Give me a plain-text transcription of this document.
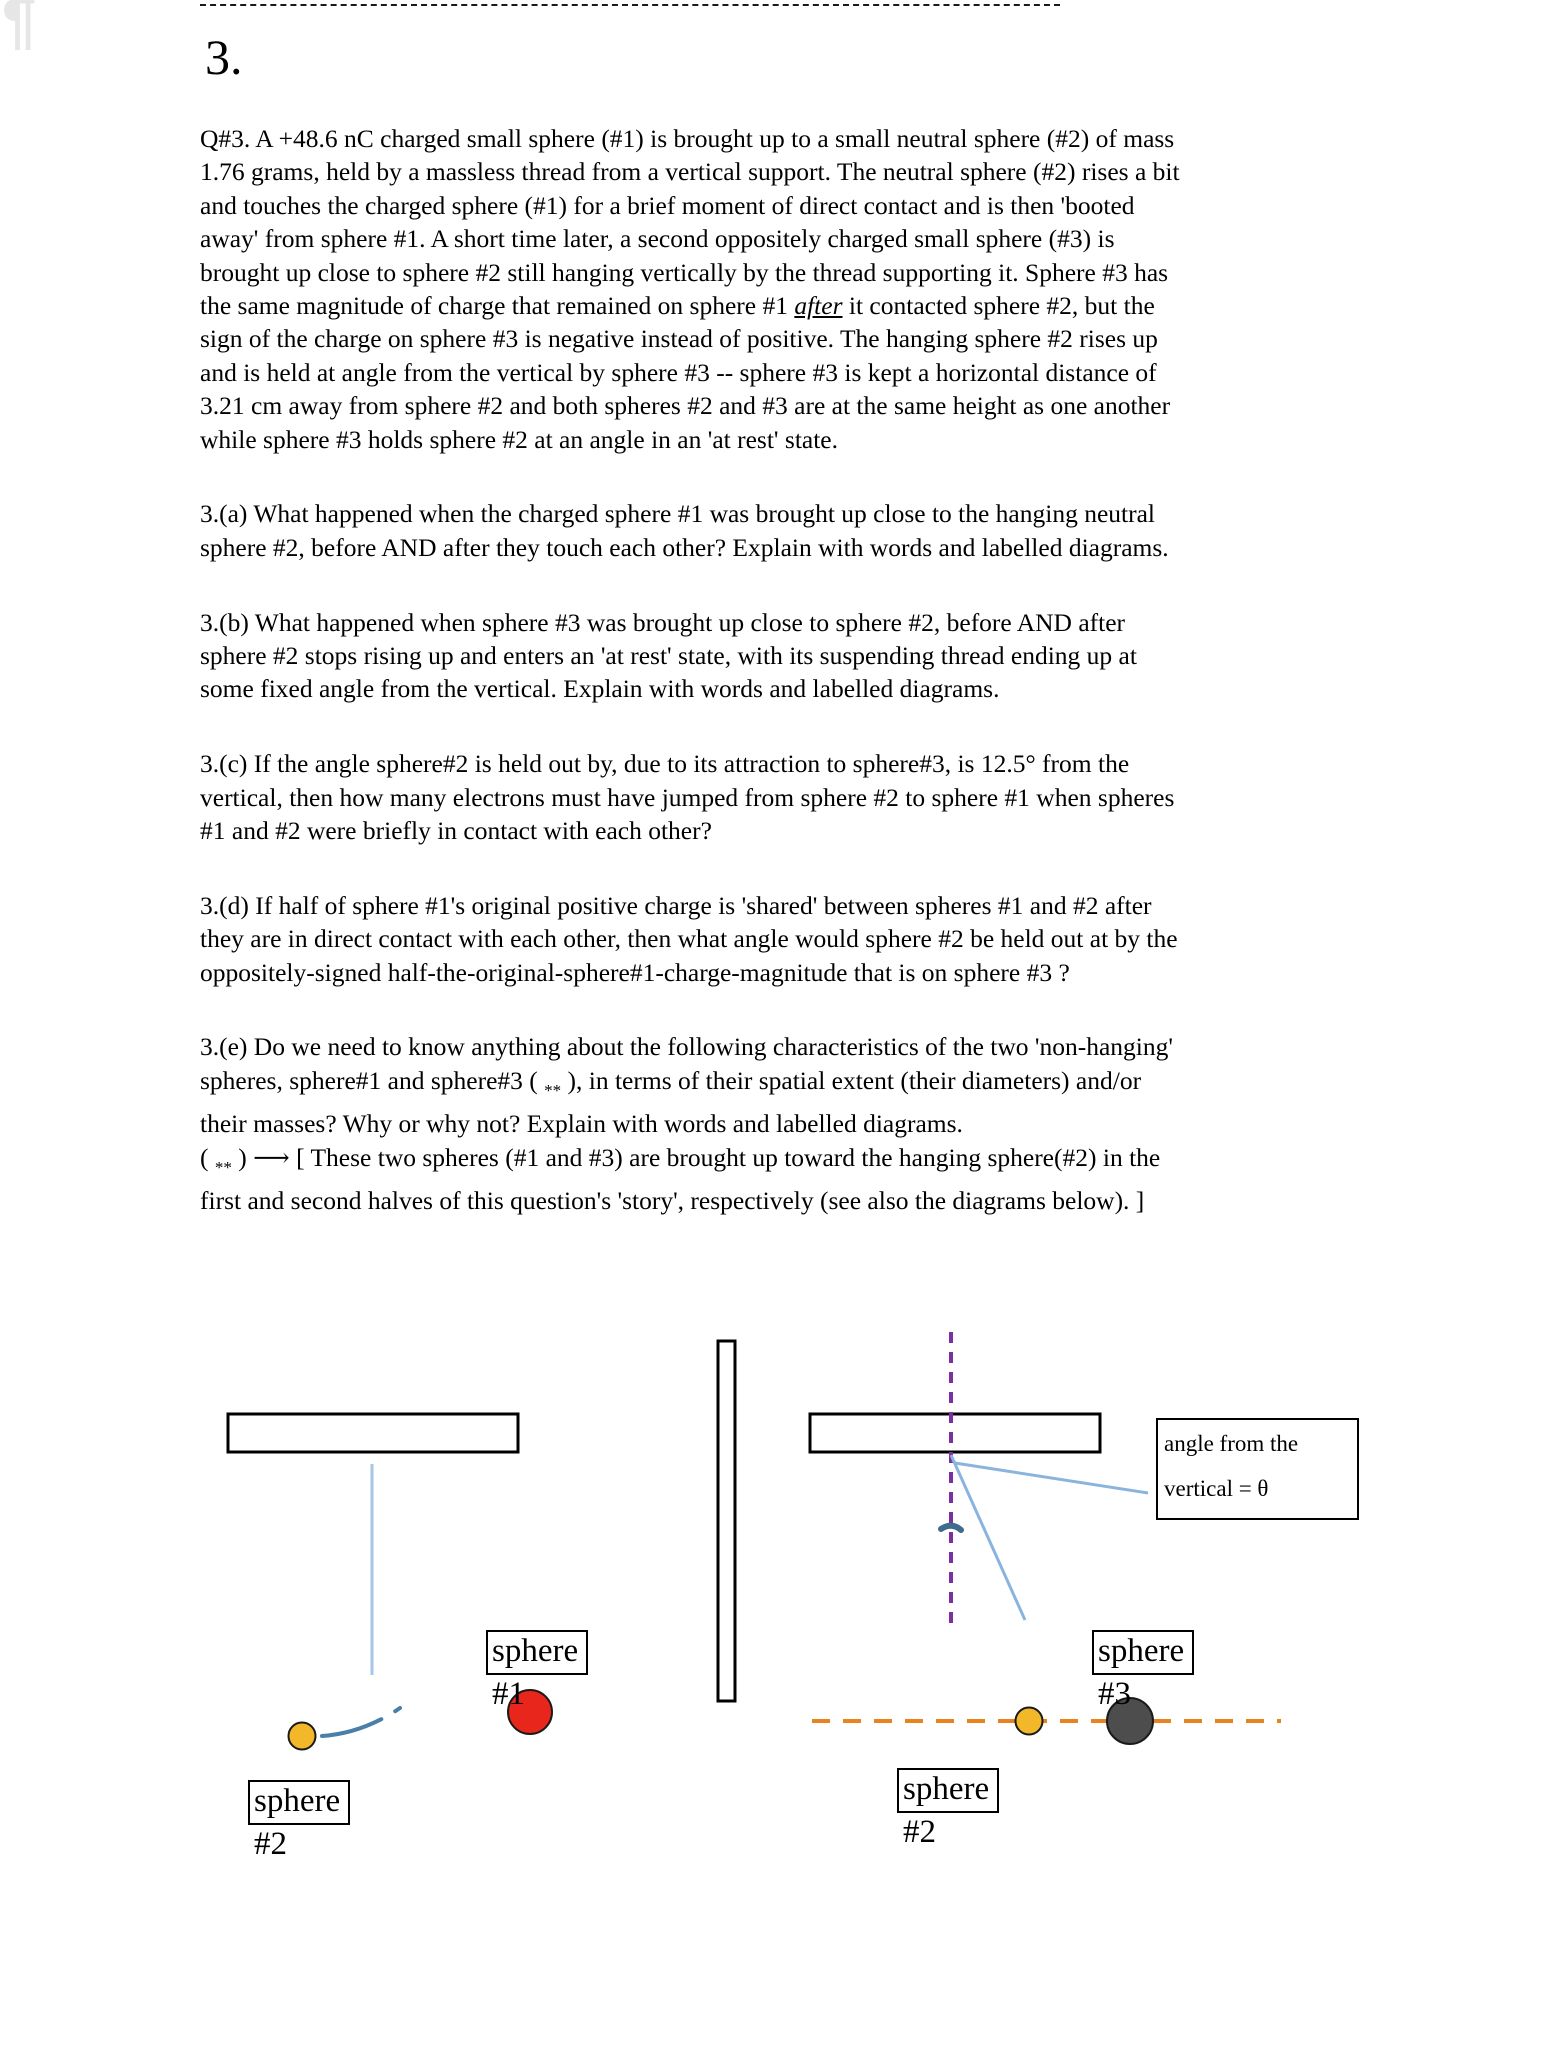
¶
3.
Q#3. A +48.6 nC charged small sphere (#1) is brought up to a small neutral sphere (#2) of mass
1.76 grams, held by a massless thread from a vertical support. The neutral sphere (#2) rises a bit
and touches the charged sphere (#1) for a brief moment of direct contact and is then 'booted
away' from sphere #1. A short time later, a second oppositely charged small sphere (#3) is
brought up close to sphere #2 still hanging vertically by the thread supporting it. Sphere #3 has
the same magnitude of charge that remained on sphere #1 after it contacted sphere #2, but the
sign of the charge on sphere #3 is negative instead of positive. The hanging sphere #2 rises up
and is held at angle from the vertical by sphere #3 -- sphere #3 is kept a horizontal distance of
3.21 cm away from sphere #2 and both spheres #2 and #3 are at the same height as one another
while sphere #3 holds sphere #2 at an angle in an 'at rest' state.
3.(a) What happened when the charged sphere #1 was brought up close to the hanging neutral
sphere #2, before AND after they touch each other? Explain with words and labelled diagrams.
3.(b) What happened when sphere #3 was brought up close to sphere #2, before AND after
sphere #2 stops rising up and enters an 'at rest' state, with its suspending thread ending up at
some fixed angle from the vertical. Explain with words and labelled diagrams.
3.(c) If the angle sphere#2 is held out by, due to its attraction to sphere#3, is 12.5° from the
vertical, then how many electrons must have jumped from sphere #2 to sphere #1 when spheres
#1 and #2 were briefly in contact with each other?
3.(d) If half of sphere #1's original positive charge is 'shared' between spheres #1 and #2 after
they are in direct contact with each other, then what angle would sphere #2 be held out at by the
oppositely-signed half-the-original-sphere#1-charge-magnitude that is on sphere #3 ?
3.(e) Do we need to know anything about the following characteristics of the two 'non-hanging'
spheres, sphere#1 and sphere#3 ( $_{**}$ ), in terms of their spatial extent (their diameters) and/or
their masses? Why or why not? Explain with words and labelled diagrams.
( $_{**}$ ) ⟶ [ These two spheres (#1 and #3) are brought up toward the hanging sphere(#2) in the
first and second halves of this question's 'story', respectively (see also the diagrams below). ]
sphere
#1
sphere
#2
sphere
#3
sphere
#2
angle from the
vertical = θ
